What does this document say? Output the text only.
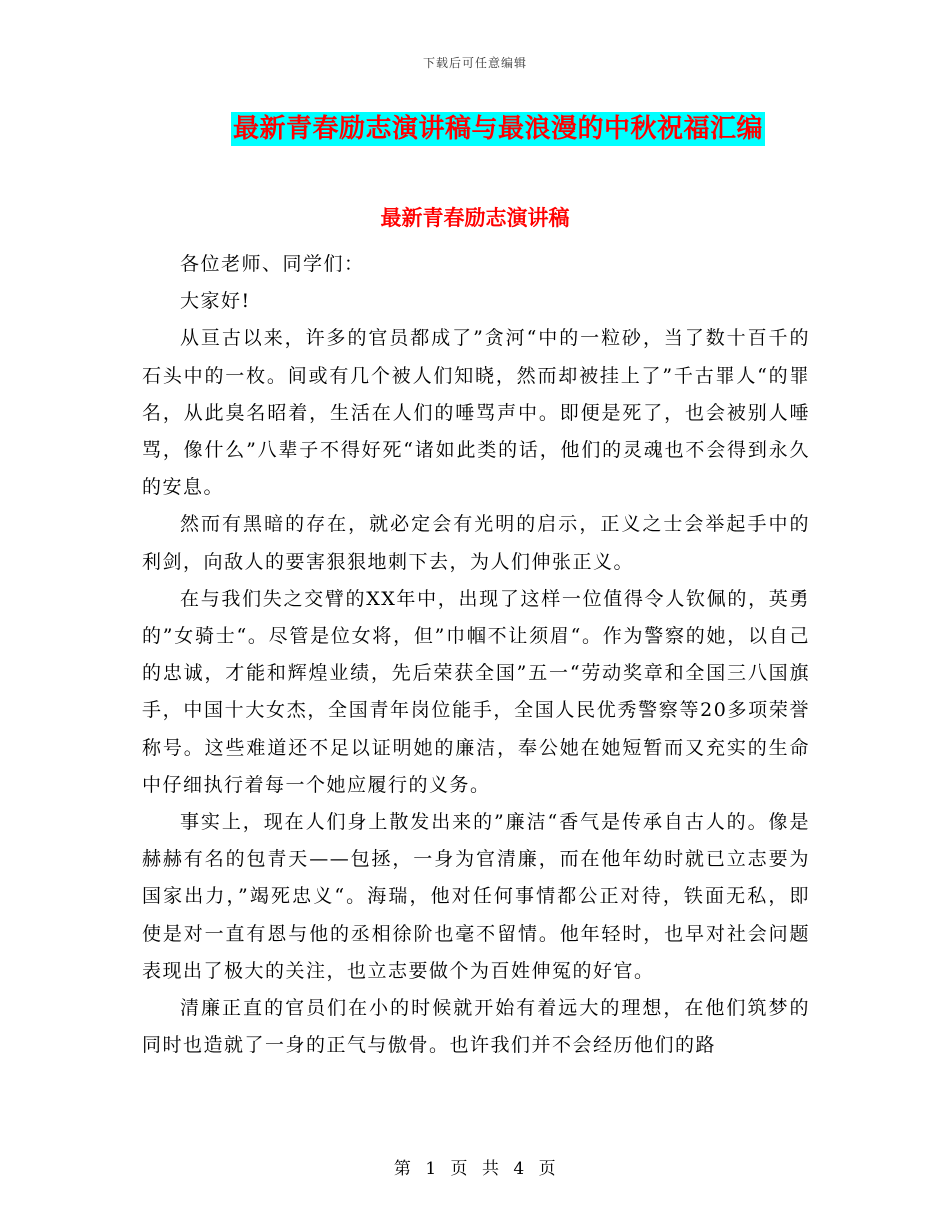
下载后可任意编辑
最新青春励志演讲稿与最浪漫的中秋祝福汇编
最新青春励志演讲稿

各位老师、同学们：

大家好!

从亘古以来，许多的官员都成了”贪河“中的一粒砂，当了数十百千的石头中的一枚。间或有几个被人们知晓，然而却被挂上了”千古罪人“的罪名，从此臭名昭着，生活在人们的唾骂声中。即便是死了，也会被别人唾骂，像什么”八辈子不得好死“诸如此类的话，他们的灵魂也不会得到永久的安息。

然而有黑暗的存在，就必定会有光明的启示，正义之士会举起手中的利剑，向敌人的要害狠狠地刺下去，为人们伸张正义。

在与我们失之交臂的XX年中，出现了这样一位值得令人钦佩的，英勇的”女骑士“。尽管是位女将，但”巾帼不让须眉“。作为警察的她，以自己的忠诚，才能和辉煌业绩，先后荣获全国”五一“劳动奖章和全国三八国旗手，中国十大女杰，全国青年岗位能手，全国人民优秀警察等20多项荣誉称号。这些难道还不足以证明她的廉洁，奉公她在她短暂而又充实的生命中仔细执行着每一个她应履行的义务。

事实上，现在人们身上散发出来的”廉洁“香气是传承自古人的。像是赫赫有名的包青天——包拯，一身为官清廉，而在他年幼时就已立志要为国家出力，”竭死忠义“。海瑞，他对任何事情都公正对待，铁面无私，即使是对一直有恩与他的丞相徐阶也毫不留情。他年轻时，也早对社会问题表现出了极大的关注，也立志要做个为百姓伸冤的好官。

清廉正直的官员们在小的时候就开始有着远大的理想，在他们筑梦的同时也造就了一身的正气与傲骨。也许我们并不会经历他们的路

第 1 页 共 4 页
